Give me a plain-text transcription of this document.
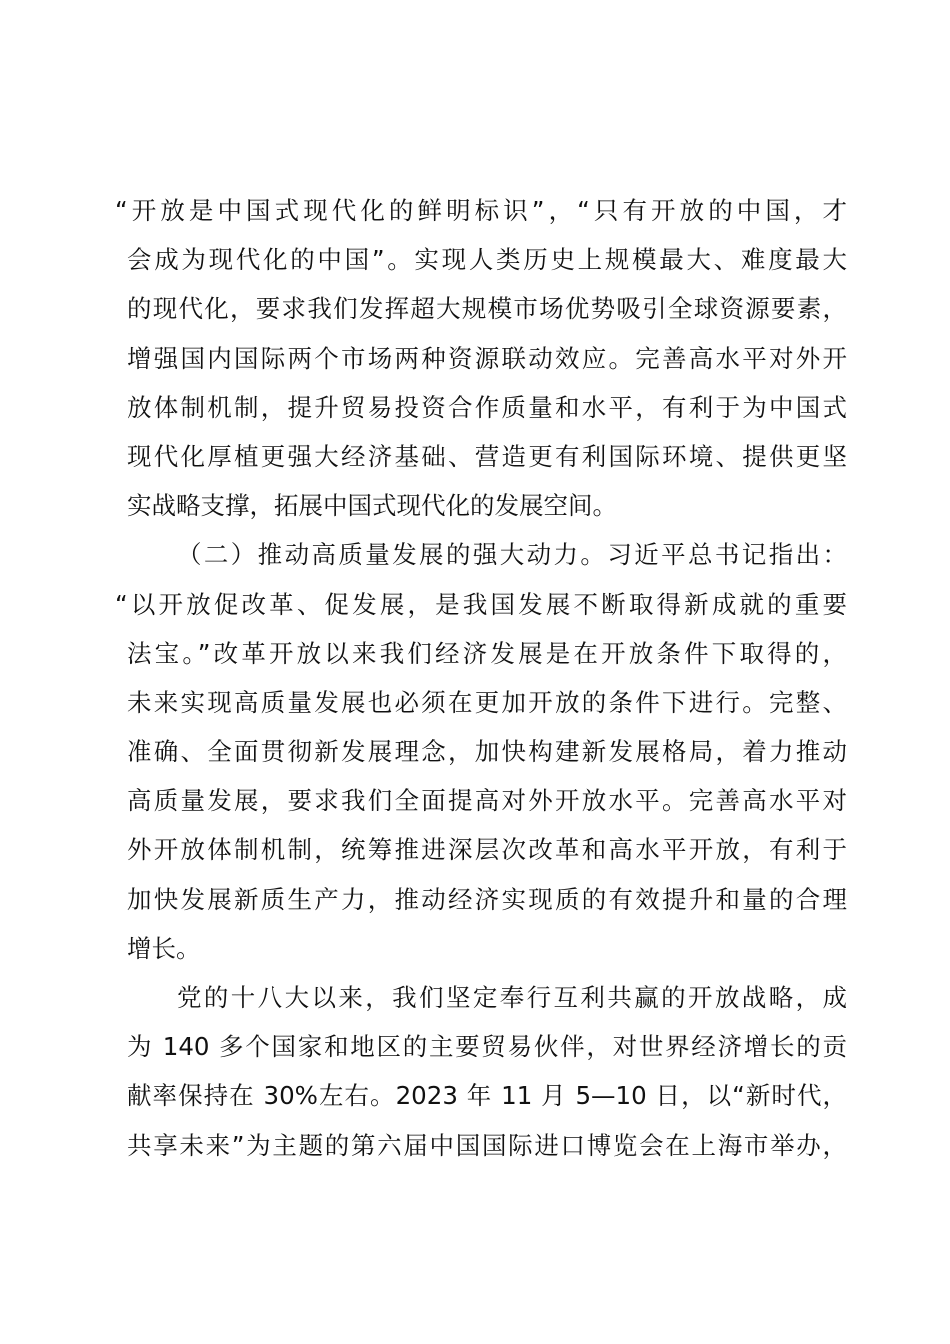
“开放是中国式现代化的鲜明标识”，“只有开放的中国，才
会成为现代化的中国”。实现人类历史上规模最大、难度最大
的现代化，要求我们发挥超大规模市场优势吸引全球资源要素，
增强国内国际两个市场两种资源联动效应。完善高水平对外开
放体制机制，提升贸易投资合作质量和水平，有利于为中国式
现代化厚植更强大经济基础、营造更有利国际环境、提供更坚
实战略支撑，拓展中国式现代化的发展空间。
（二）推动高质量发展的强大动力。习近平总书记指出：
“以开放促改革、促发展，是我国发展不断取得新成就的重要
法宝。”改革开放以来我们经济发展是在开放条件下取得的，
未来实现高质量发展也必须在更加开放的条件下进行。完整、
准确、全面贯彻新发展理念，加快构建新发展格局，着力推动
高质量发展，要求我们全面提高对外开放水平。完善高水平对
外开放体制机制，统筹推进深层次改革和高水平开放，有利于
加快发展新质生产力，推动经济实现质的有效提升和量的合理
增长。
党的十八大以来，我们坚定奉行互利共赢的开放战略，成
为 140 多个国家和地区的主要贸易伙伴，对世界经济增长的贡
献率保持在 30%左右。2023 年 11 月 5—10 日，以“新时代，
共享未来”为主题的第六届中国国际进口博览会在上海市举办，
